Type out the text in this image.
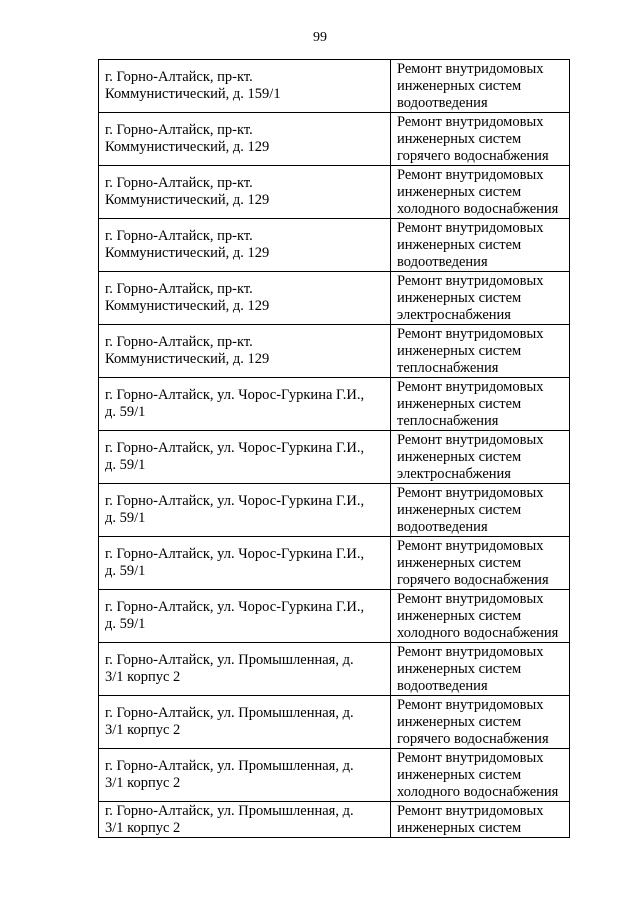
99
г. Горно-Алтайск, пр-кт.
Коммунистический, д. 159/1	Ремонт внутридомовых
инженерных систем
водоотведения

г. Горно-Алтайск, пр-кт.
Коммунистический, д. 129	Ремонт внутридомовых
инженерных систем
горячего водоснабжения

г. Горно-Алтайск, пр-кт.
Коммунистический, д. 129	Ремонт внутридомовых
инженерных систем
холодного водоснабжения

г. Горно-Алтайск, пр-кт.
Коммунистический, д. 129	Ремонт внутридомовых
инженерных систем
водоотведения

г. Горно-Алтайск, пр-кт.
Коммунистический, д. 129	Ремонт внутридомовых
инженерных систем
электроснабжения

г. Горно-Алтайск, пр-кт.
Коммунистический, д. 129	Ремонт внутридомовых
инженерных систем
теплоснабжения

г. Горно-Алтайск, ул. Чорос-Гуркина Г.И.,
д. 59/1	Ремонт внутридомовых
инженерных систем
теплоснабжения

г. Горно-Алтайск, ул. Чорос-Гуркина Г.И.,
д. 59/1	Ремонт внутридомовых
инженерных систем
электроснабжения

г. Горно-Алтайск, ул. Чорос-Гуркина Г.И.,
д. 59/1	Ремонт внутридомовых
инженерных систем
водоотведения

г. Горно-Алтайск, ул. Чорос-Гуркина Г.И.,
д. 59/1	Ремонт внутридомовых
инженерных систем
горячего водоснабжения

г. Горно-Алтайск, ул. Чорос-Гуркина Г.И.,
д. 59/1	Ремонт внутридомовых
инженерных систем
холодного водоснабжения

г. Горно-Алтайск, ул. Промышленная, д.
3/1 корпус 2	Ремонт внутридомовых
инженерных систем
водоотведения

г. Горно-Алтайск, ул. Промышленная, д.
3/1 корпус 2	Ремонт внутридомовых
инженерных систем
горячего водоснабжения

г. Горно-Алтайск, ул. Промышленная, д.
3/1 корпус 2	Ремонт внутридомовых
инженерных систем
холодного водоснабжения

г. Горно-Алтайск, ул. Промышленная, д.
3/1 корпус 2	Ремонт внутридомовых
инженерных систем
